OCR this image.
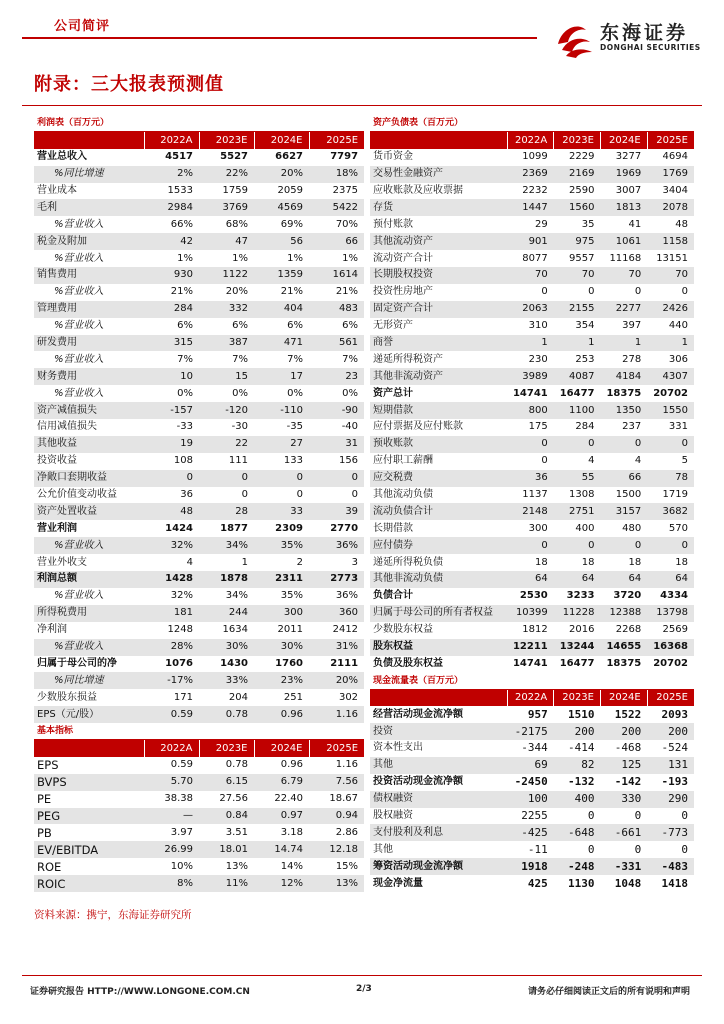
公司简评	东海证券
DONGHAI SECURITIES
附录：三大报表预测值
利润表（百万元）				
	2022A	2023E	2024E	2025E
营业总收入	4517	5527	6627	7797
%同比增速	2%	22%	20%	18%
营业成本	1533	1759	2059	2375
毛利	2984	3769	4569	5422
%营业收入	66%	68%	69%	70%
税金及附加	42	47	56	66
%营业收入	1%	1%	1%	1%
销售费用	930	1122	1359	1614
%营业收入	21%	20%	21%	21%
管理费用	284	332	404	483
%营业收入	6%	6%	6%	6%
研发费用	315	387	471	561
%营业收入	7%	7%	7%	7%
财务费用	10	15	17	23
%营业收入	0%	0%	0%	0%
资产减值损失	-157	-120	-110	-90
信用减值损失	-33	-30	-35	-40
其他收益	19	22	27	31
投资收益	108	111	133	156
净敞口套期收益	0	0	0	0
公允价值变动收益	36	0	0	0
资产处置收益	48	28	33	39
营业利润	1424	1877	2309	2770
%营业收入	32%	34%	35%	36%
营业外收支	4	1	2	3
利润总额	1428	1878	2311	2773
%营业收入	32%	34%	35%	36%
所得税费用	181	244	300	360
净利润	1248	1634	2011	2412
%营业收入	28%	30%	30%	31%
归属于母公司的净	1076	1430	1760	2111
%同比增速	-17%	33%	23%	20%
少数股东损益	171	204	251	302
EPS（元/股）	0.59	0.78	0.96	1.16
基本指标				
	2022A	2023E	2024E	2025E
EPS	0.59	0.78	0.96	1.16
BVPS	5.70	6.15	6.79	7.56
PE	38.38	27.56	22.40	18.67
PEG	—	0.84	0.97	0.94
PB	3.97	3.51	3.18	2.86
EV/EBITDA	26.99	18.01	14.74	12.18
ROE	10%	13%	14%	15%
ROIC	8%	11%	12%	13%
资产负债表（百万元）				
	2022A	2023E	2024E	2025E
货币资金	1099	2229	3277	4694
交易性金融资产	2369	2169	1969	1769
应收账款及应收票据	2232	2590	3007	3404
存货	1447	1560	1813	2078
预付账款	29	35	41	48
其他流动资产	901	975	1061	1158
流动资产合计	8077	9557	11168	13151
长期股权投资	70	70	70	70
投资性房地产	0	0	0	0
固定资产合计	2063	2155	2277	2426
无形资产	310	354	397	440
商誉	1	1	1	1
递延所得税资产	230	253	278	306
其他非流动资产	3989	4087	4184	4307
资产总计	14741	16477	18375	20702
短期借款	800	1100	1350	1550
应付票据及应付账款	175	284	237	331
预收账款	0	0	0	0
应付职工薪酬	0	4	4	5
应交税费	36	55	66	78
其他流动负债	1137	1308	1500	1719
流动负债合计	2148	2751	3157	3682
长期借款	300	400	480	570
应付债券	0	0	0	0
递延所得税负债	18	18	18	18
其他非流动负债	64	64	64	64
负债合计	2530	3233	3720	4334
归属于母公司的所有者权益	10399	11228	12388	13798
少数股东权益	1812	2016	2268	2569
股东权益	12211	13244	14655	16368
负债及股东权益	14741	16477	18375	20702
现金流量表（百万元）				
	2022A	2023E	2024E	2025E
经营活动现金流净额	957	1510	1522	2093
投资	-2175	200	200	200
资本性支出	-344	-414	-468	-524
其他	69	82	125	131
投资活动现金流净额	-2450	-132	-142	-193
债权融资	100	400	330	290
股权融资	2255	0	0	0
支付股利及利息	-425	-648	-661	-773
其他	-11	0	0	0
筹资活动现金流净额	1918	-248	-331	-483
现金净流量	425	1130	1048	1418
资料来源：携宁，东海证券研究所
证券研究报告 HTTP://WWW.LONGONE.COM.CN	2/3	请务必仔细阅读正文后的所有说明和声明
